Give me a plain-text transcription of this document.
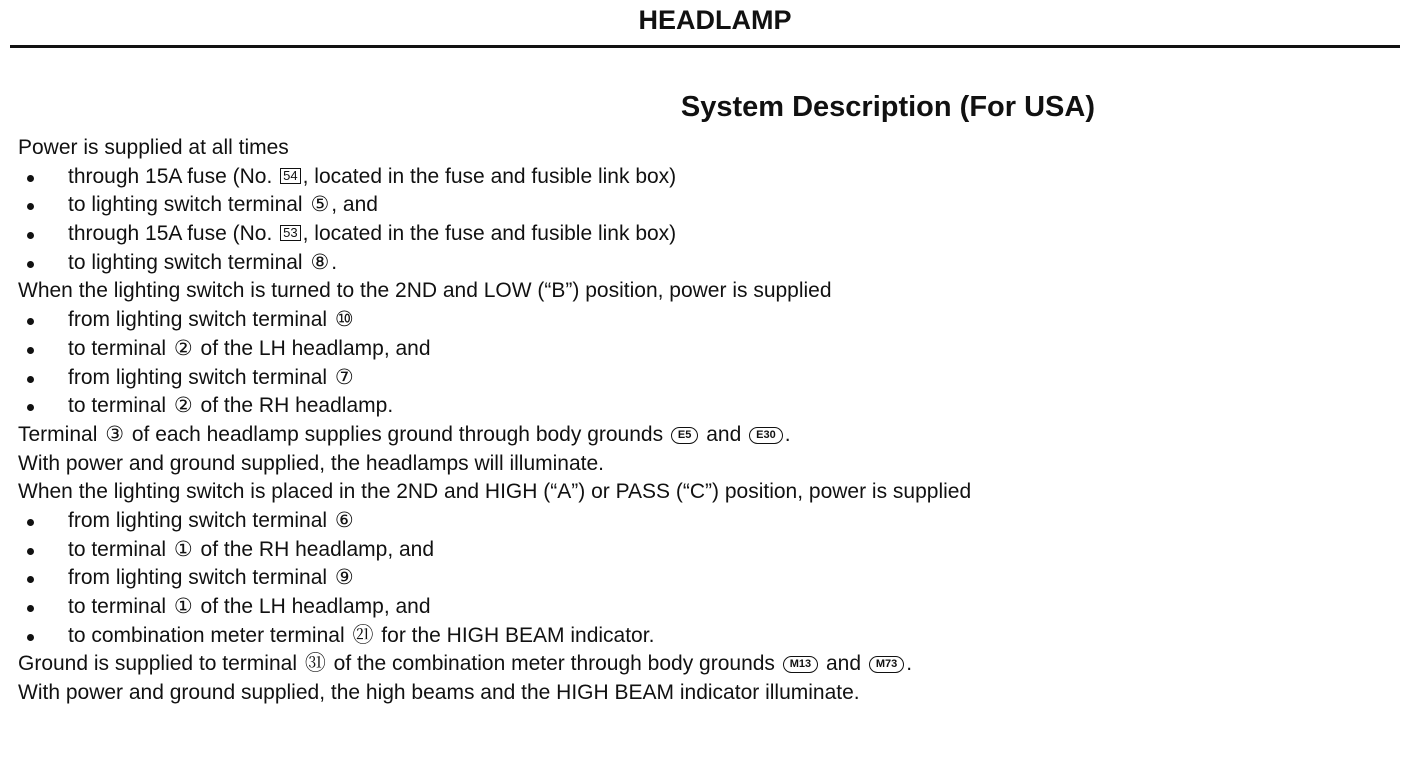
HEADLAMP
System Description (For USA)
Power is supplied at all times
through 15A fuse (No. 54 , located in the fuse and fusible link box)
to lighting switch terminal ⑤, and
through 15A fuse (No. 53 , located in the fuse and fusible link box)
to lighting switch terminal ⑧.
When the lighting switch is turned to the 2ND and LOW (“B”) position, power is supplied
from lighting switch terminal ⑩
to terminal ② of the LH headlamp, and
from lighting switch terminal ⑦
to terminal ② of the RH headlamp.
Terminal ③ of each headlamp supplies ground through body grounds E5 and E30 .
With power and ground supplied, the headlamps will illuminate.
When the lighting switch is placed in the 2ND and HIGH (“A”) or PASS (“C”) position, power is supplied
from lighting switch terminal ⑥
to terminal ① of the RH headlamp, and
from lighting switch terminal ⑨
to terminal ① of the LH headlamp, and
to combination meter terminal ㉑ for the HIGH BEAM indicator.
Ground is supplied to terminal ㉛ of the combination meter through body grounds M13 and M73 .
With power and ground supplied, the high beams and the HIGH BEAM indicator illuminate.
